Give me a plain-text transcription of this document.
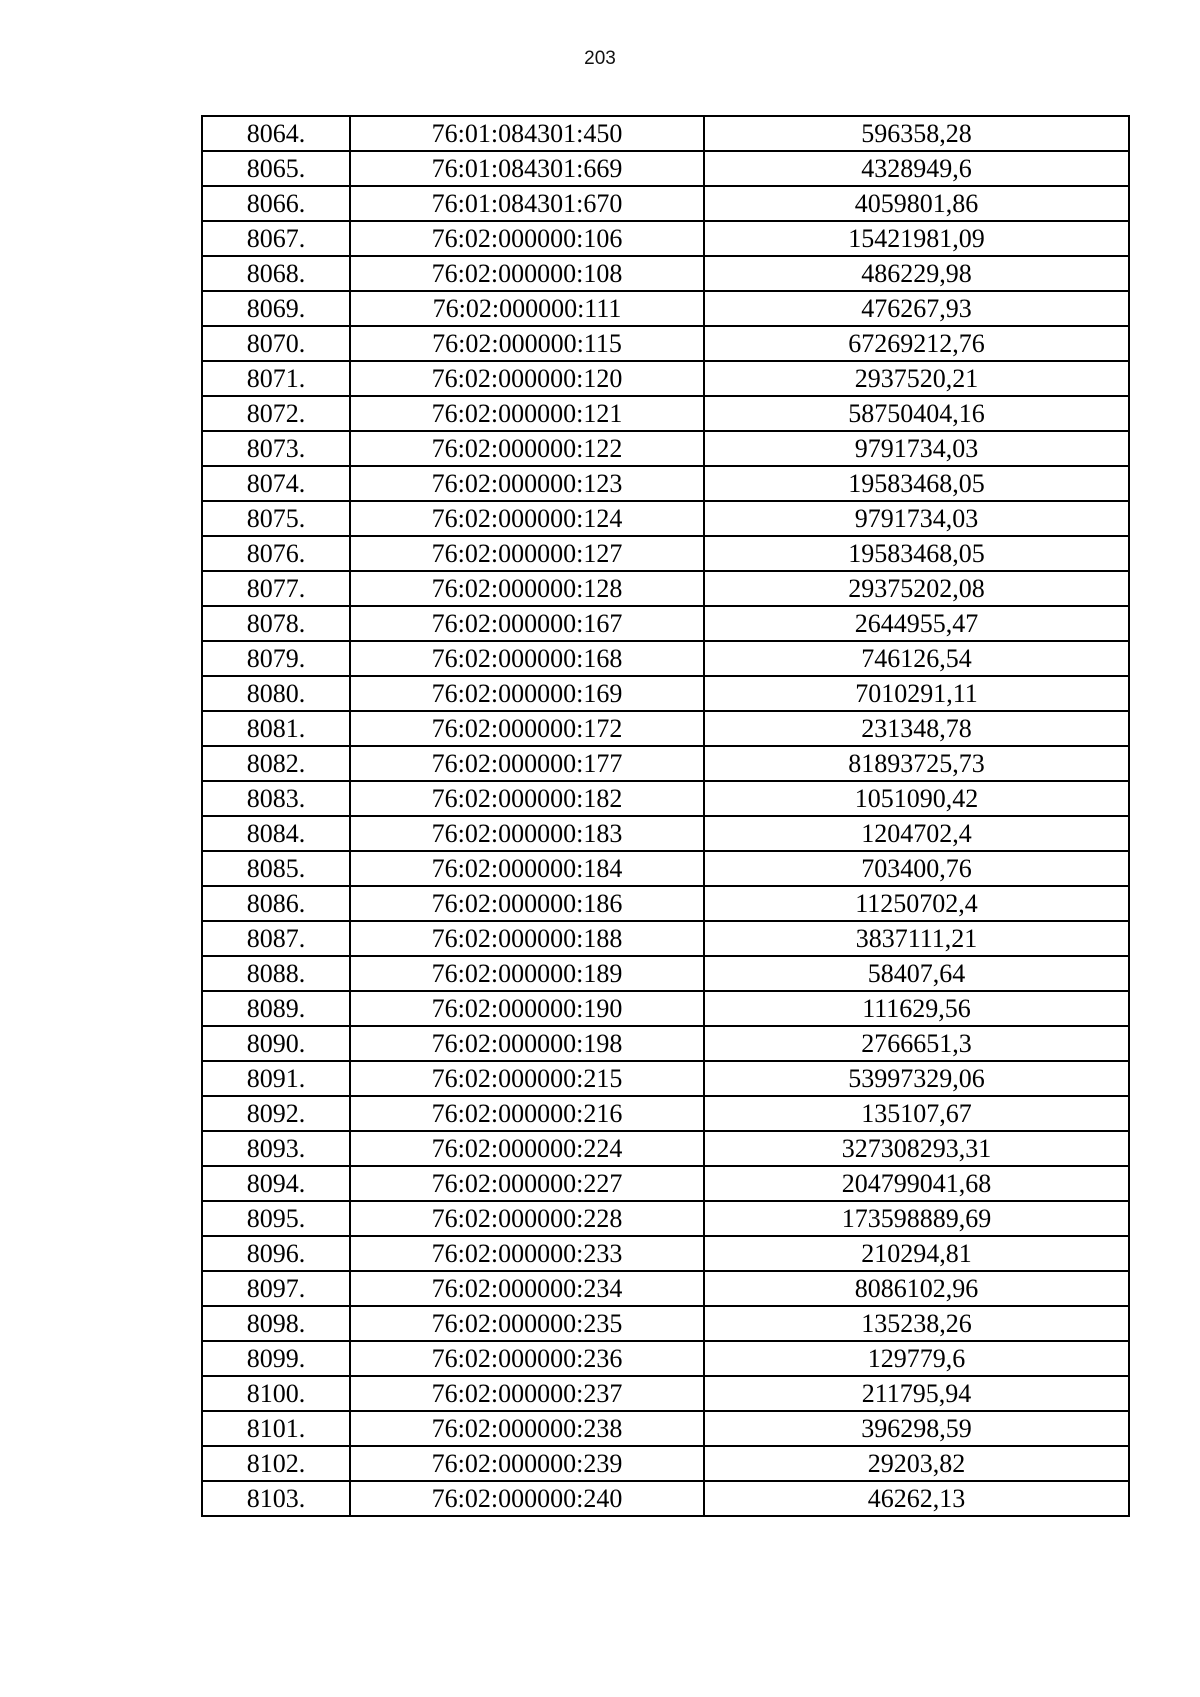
203
8064.	76:01:084301:450	596358,28
8065.	76:01:084301:669	4328949,6
8066.	76:01:084301:670	4059801,86
8067.	76:02:000000:106	15421981,09
8068.	76:02:000000:108	486229,98
8069.	76:02:000000:111	476267,93
8070.	76:02:000000:115	67269212,76
8071.	76:02:000000:120	2937520,21
8072.	76:02:000000:121	58750404,16
8073.	76:02:000000:122	9791734,03
8074.	76:02:000000:123	19583468,05
8075.	76:02:000000:124	9791734,03
8076.	76:02:000000:127	19583468,05
8077.	76:02:000000:128	29375202,08
8078.	76:02:000000:167	2644955,47
8079.	76:02:000000:168	746126,54
8080.	76:02:000000:169	7010291,11
8081.	76:02:000000:172	231348,78
8082.	76:02:000000:177	81893725,73
8083.	76:02:000000:182	1051090,42
8084.	76:02:000000:183	1204702,4
8085.	76:02:000000:184	703400,76
8086.	76:02:000000:186	11250702,4
8087.	76:02:000000:188	3837111,21
8088.	76:02:000000:189	58407,64
8089.	76:02:000000:190	111629,56
8090.	76:02:000000:198	2766651,3
8091.	76:02:000000:215	53997329,06
8092.	76:02:000000:216	135107,67
8093.	76:02:000000:224	327308293,31
8094.	76:02:000000:227	204799041,68
8095.	76:02:000000:228	173598889,69
8096.	76:02:000000:233	210294,81
8097.	76:02:000000:234	8086102,96
8098.	76:02:000000:235	135238,26
8099.	76:02:000000:236	129779,6
8100.	76:02:000000:237	211795,94
8101.	76:02:000000:238	396298,59
8102.	76:02:000000:239	29203,82
8103.	76:02:000000:240	46262,13
